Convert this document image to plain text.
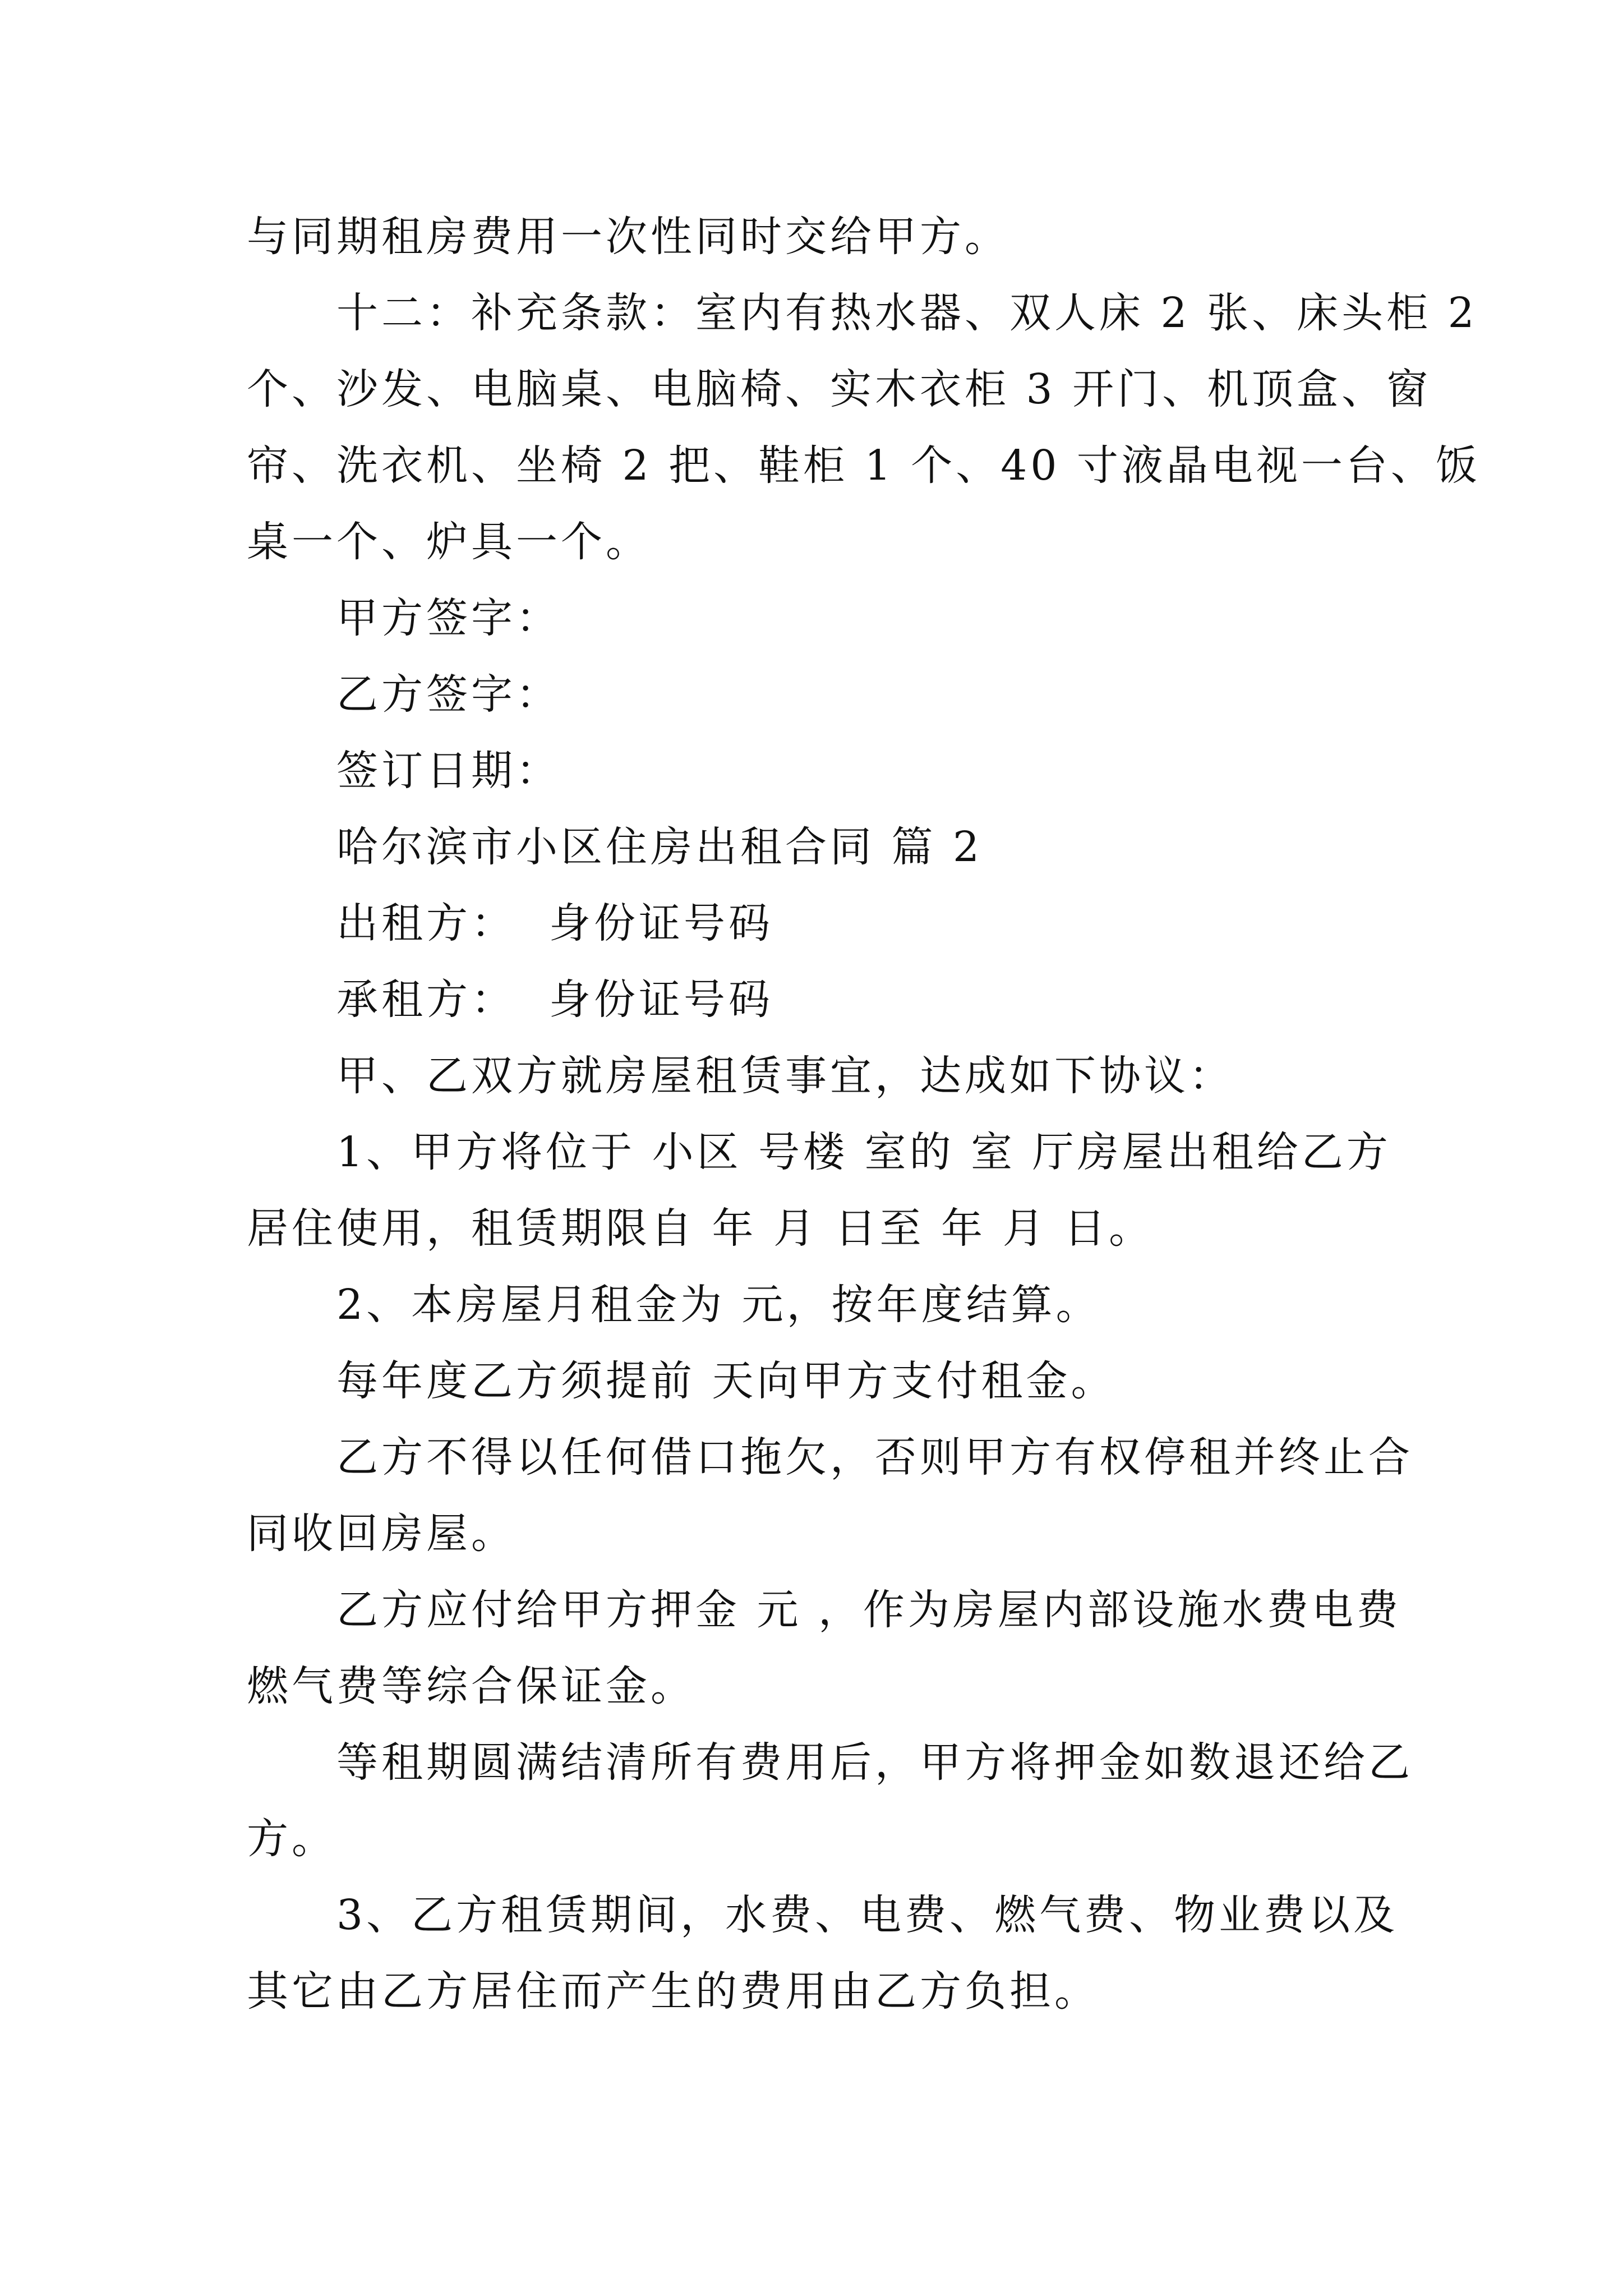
与同期租房费用一次性同时交给甲方。
十二：补充条款：室内有热水器、双人床 2 张、床头柜 2
个、沙发、电脑桌、电脑椅、实木衣柜 3 开门、机顶盒、窗
帘、洗衣机、坐椅 2 把、鞋柜 1 个、40 寸液晶电视一台、饭
桌一个、炉具一个。
甲方签字：
乙方签字：
签订日期：
哈尔滨市小区住房出租合同 篇 2
出租方：  身份证号码
承租方：  身份证号码
甲、乙双方就房屋租赁事宜，达成如下协议：
1、甲方将位于 小区 号楼 室的 室 厅房屋出租给乙方
居住使用，租赁期限自 年 月 日至 年 月 日。
2、本房屋月租金为 元，按年度结算。
每年度乙方须提前 天向甲方支付租金。
乙方不得以任何借口拖欠，否则甲方有权停租并终止合
同收回房屋。
乙方应付给甲方押金 元 ，作为房屋内部设施水费电费
燃气费等综合保证金。
等租期圆满结清所有费用后，甲方将押金如数退还给乙
方。
3、乙方租赁期间，水费、电费、燃气费、物业费以及
其它由乙方居住而产生的费用由乙方负担。
